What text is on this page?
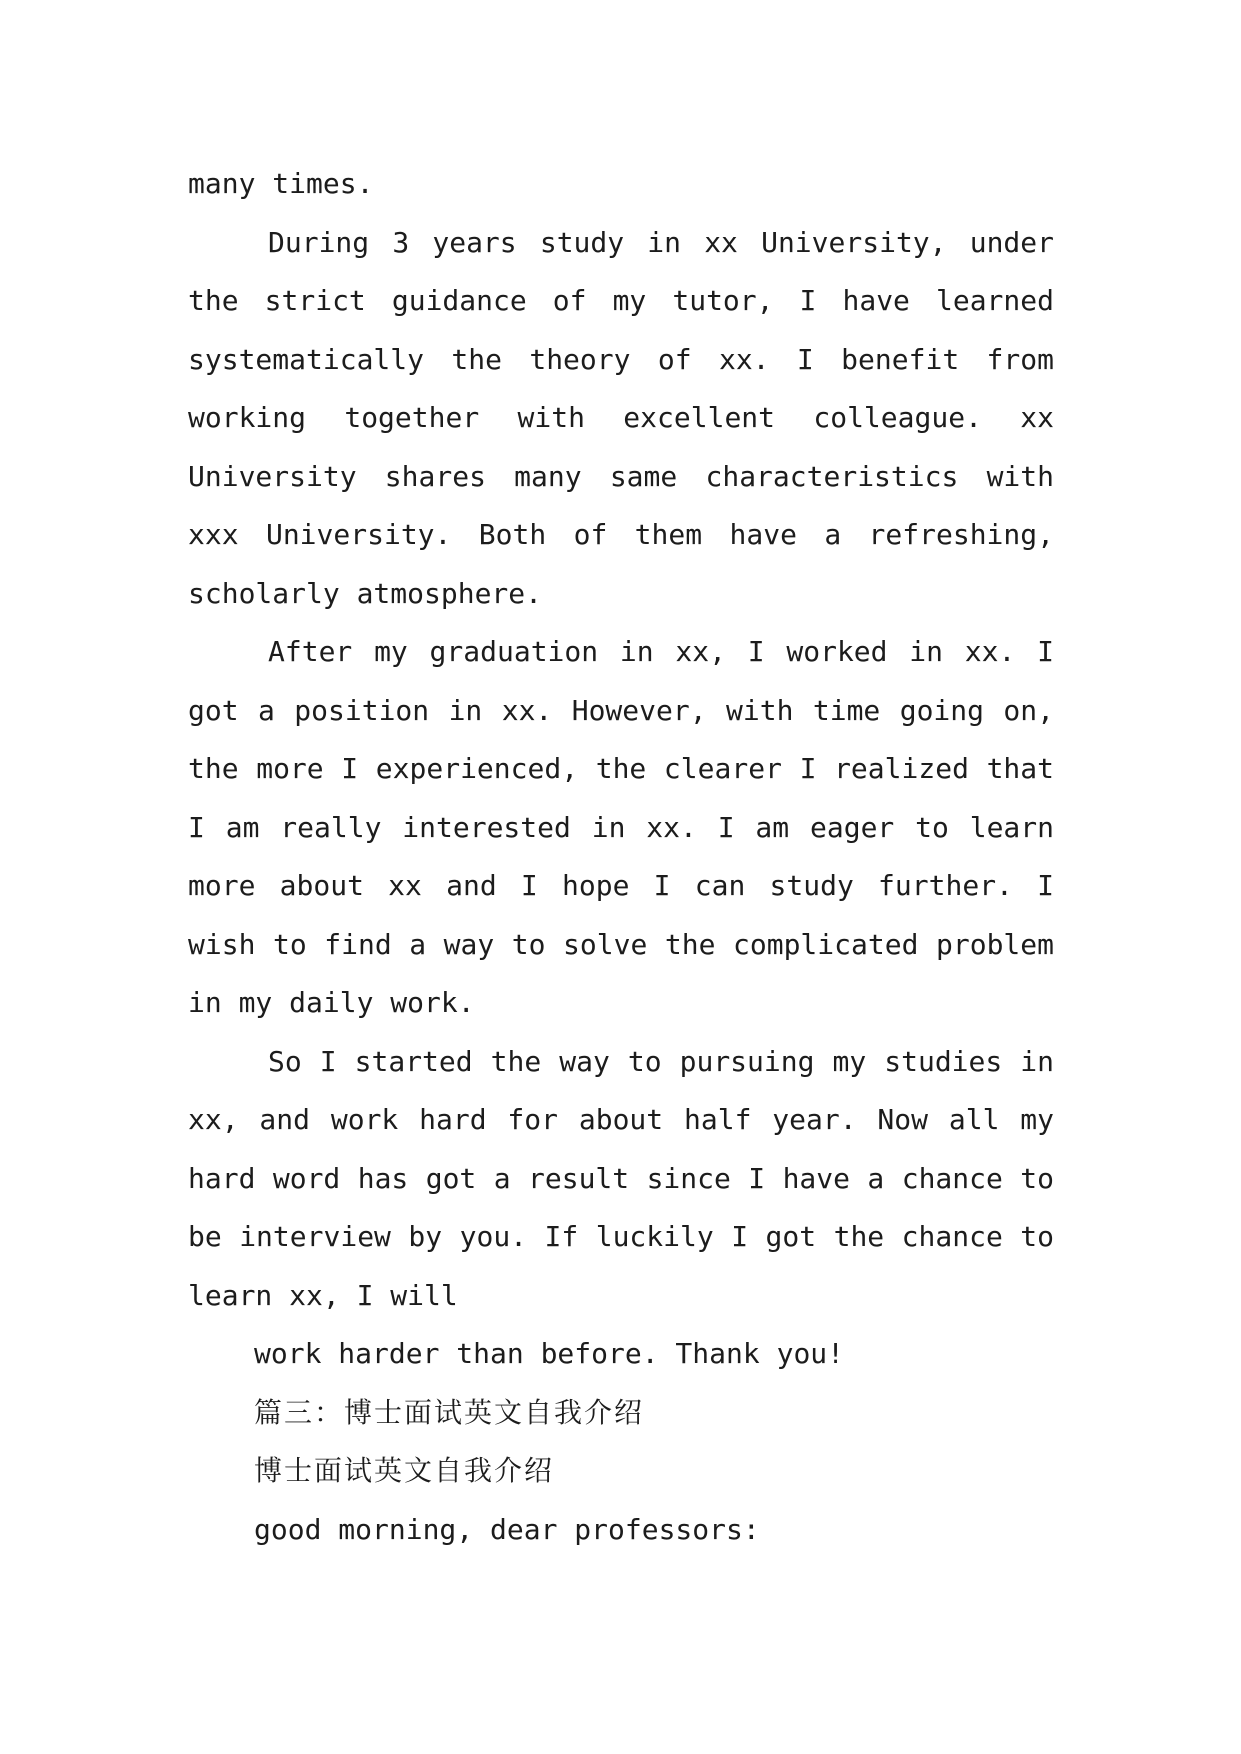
many times.

During 3 years study in xx University, under the strict guidance of my tutor, I have learned systematically the theory of xx. I benefit from working together with excellent colleague. xx University shares many same characteristics with xxx University. Both of them have a refreshing, scholarly atmosphere.

After my graduation in xx, I worked in xx. I got a position in xx. However, with time going on, the more I experienced, the clearer I realized that I am really interested in xx. I am eager to learn more about xx and I hope I can study further. I wish to find a way to solve the complicated problem in my daily work.

So I started the way to pursuing my studies in xx, and work hard for about half year. Now all my hard word has got a result since I have a chance to be interview by you. If luckily I got the chance to learn xx, I will

work harder than before. Thank you!

篇三：博士面试英文自我介绍

博士面试英文自我介绍

good morning, dear professors:
